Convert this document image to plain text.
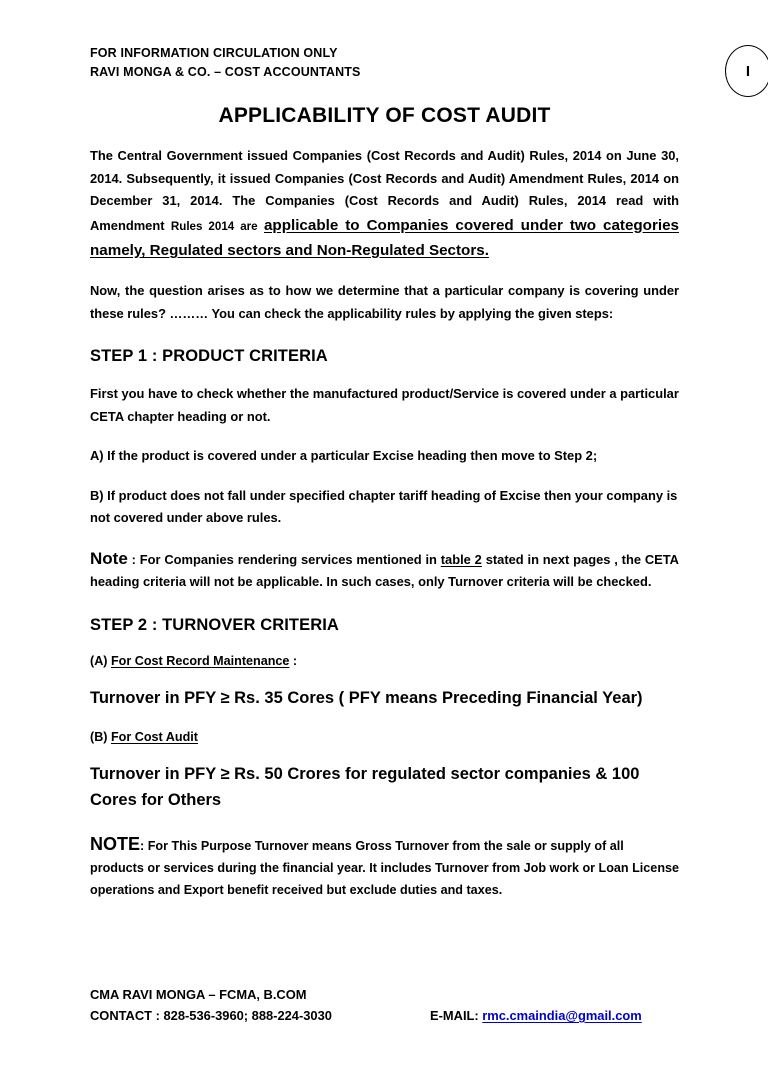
FOR INFORMATION CIRCULATION ONLY
RAVI MONGA & CO. – COST ACCOUNTANTS	I
APPLICABILITY OF COST AUDIT
The Central Government issued Companies (Cost Records and Audit) Rules, 2014 on June 30, 2014. Subsequently, it issued Companies (Cost Records and Audit) Amendment Rules, 2014 on December 31, 2014. The Companies (Cost Records and Audit) Rules, 2014 read with Amendment Rules 2014 are applicable to Companies covered under two categories namely, Regulated sectors and Non-Regulated Sectors.
Now, the question arises as to how we determine that a particular company is covering under these rules? ……… You can check the applicability rules by applying the given steps:
STEP 1 : PRODUCT CRITERIA
First you have to check whether the manufactured product/Service is covered under a particular CETA chapter heading or not.
A) If the product is covered under a particular Excise heading then move to Step 2;
B) If product does not fall under specified chapter tariff heading of Excise then your company is not covered under above rules.
Note : For Companies rendering services mentioned in table 2 stated in next pages , the CETA heading criteria will not be applicable. In such cases, only Turnover criteria will be checked.
STEP 2 : TURNOVER CRITERIA
(A) For Cost Record Maintenance :
Turnover in PFY ≥ Rs. 35 Cores ( PFY means Preceding Financial Year)
(B) For Cost Audit
Turnover in PFY ≥ Rs. 50 Crores for regulated sector companies & 100 Cores for Others
NOTE: For This Purpose Turnover means Gross Turnover from the sale or supply of all products or services during the financial year. It includes Turnover from Job work or Loan License operations and Export benefit received but exclude duties and taxes.
CMA RAVI MONGA – FCMA, B.COM
CONTACT : 828-536-3960; 888-224-3030	E-MAIL: rmc.cmaindia@gmail.com
